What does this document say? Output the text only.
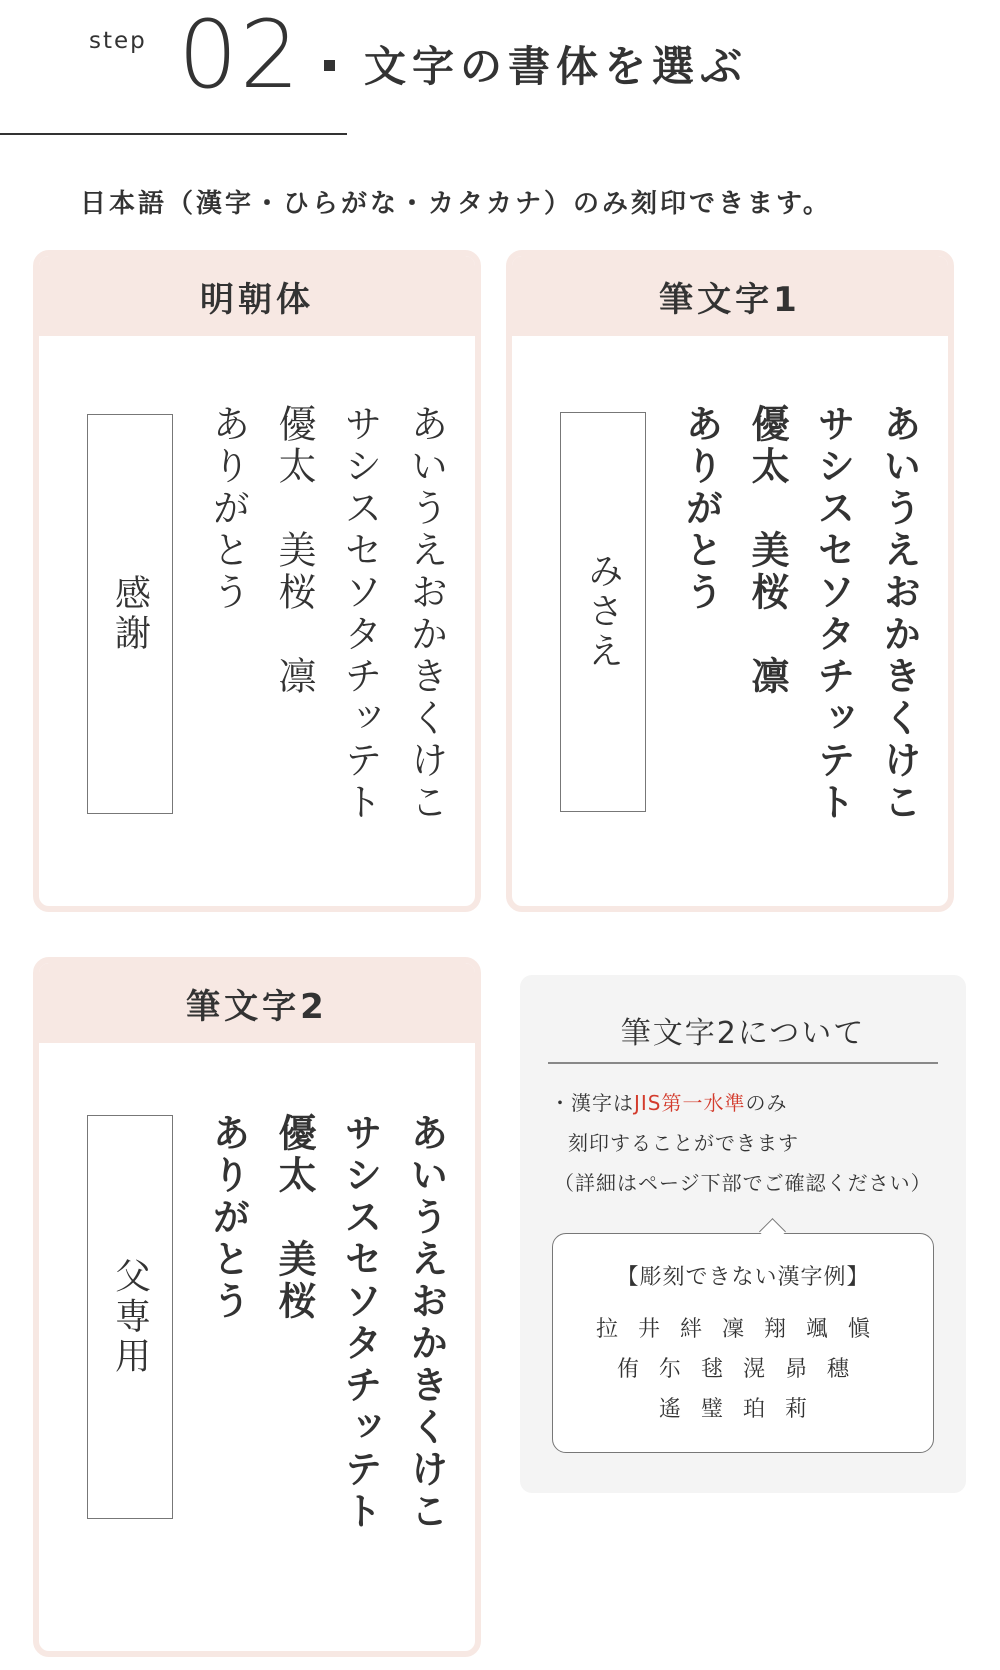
step 02 文字の書体を選ぶ
日本語（漢字・ひらがな・カタカナ）のみ刻印できます。
明朝体
あいうえおかきくけこ
サシスセソタチッテト
優太　美桜　凛
ありがとう
感謝
筆文字1
あいうえおかきくけこ
サシスセソタチッテト
優太　美桜　凛
ありがとう
みさえ
筆文字2
あいうえおかきくけこ
サシスセソタチッテト
優太　美桜
ありがとう
父専用
筆文字2について
・漢字はJIS第一水準のみ
刻印することができます
（詳細はページ下部でご確認ください）
【彫刻できない漢字例】
拉井絆凜翔颯愼
侑尓毬滉昴穗
遙璧珀莉
